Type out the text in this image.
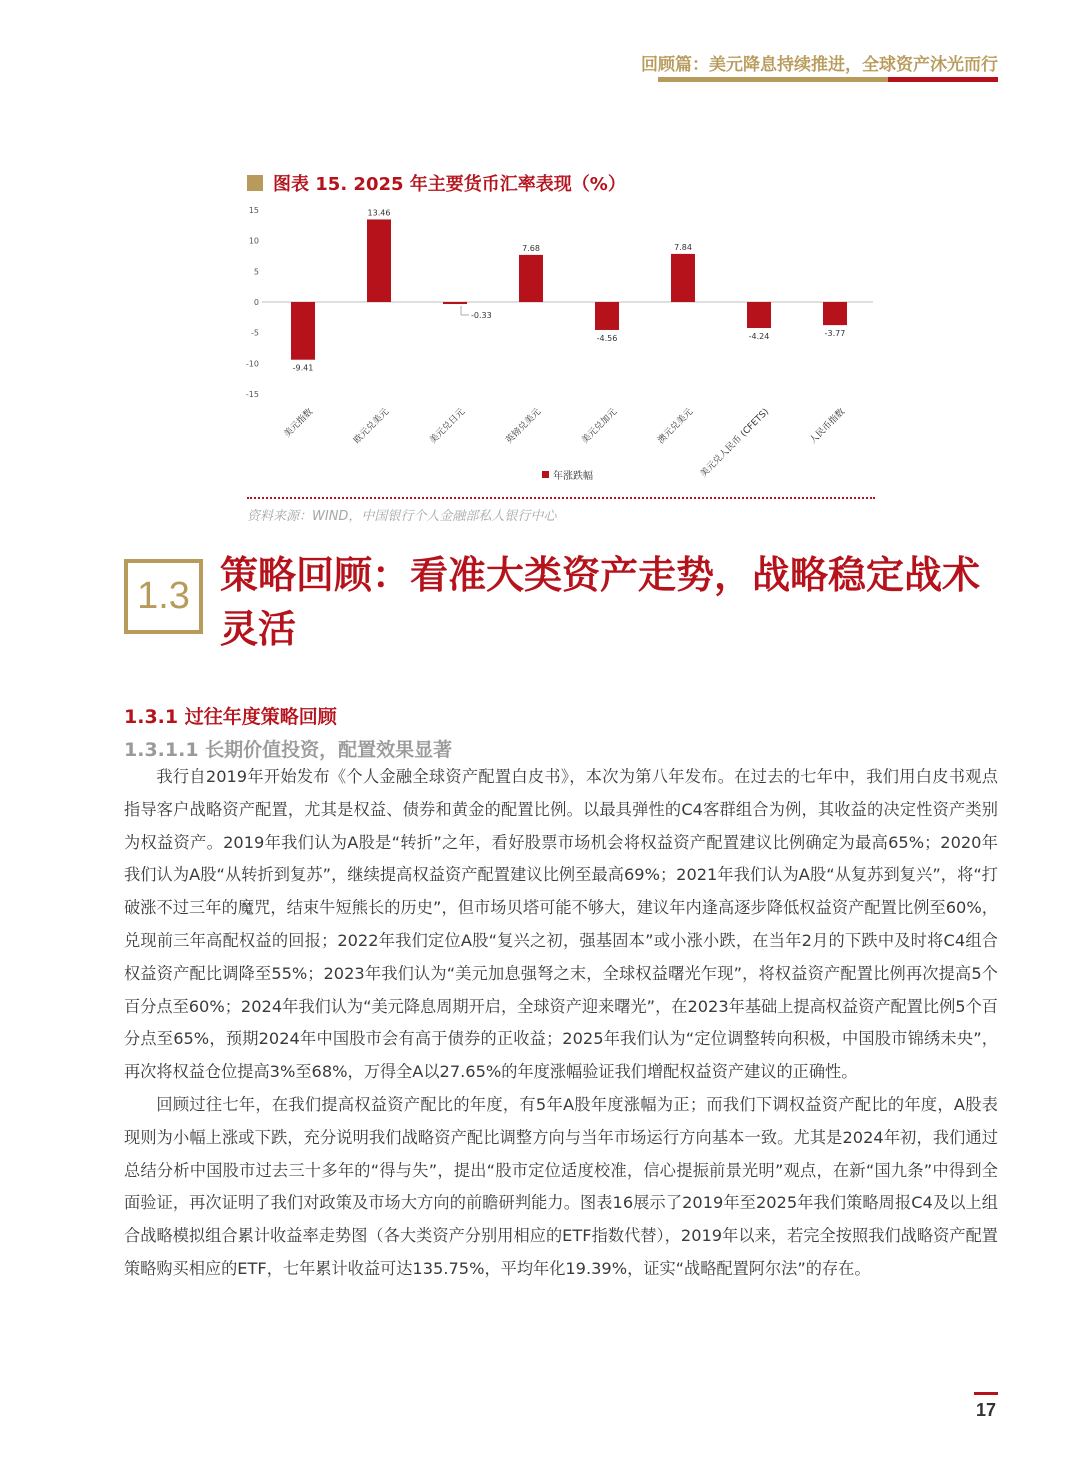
回顾篇：美元降息持续推进，全球资产沐光而行
图表 15. 2025 年主要货币汇率表现（%）
15
10
5
0
-5
-10
-15
-9.41
美元指数
13.46
欧元兑美元
-0.33
美元兑日元
7.68
英镑兑美元
-4.56
美元兑加元
7.84
澳元兑美元
-4.24
美元兑人民币 (CFETS)
-3.77
人民币指数
年涨跌幅
资料来源：WIND，中国银行个人金融部私人银行中心
1.3 策略回顾：看准大类资产走势，战略稳定战术灵活
1.3.1 过往年度策略回顾
1.3.1.1 长期价值投资，配置效果显著

我行自2019年开始发布《个人金融全球资产配置白皮书》，本次为第八年发布。在过去的七年中，我们用白皮书观点指导客户战略资产配置，尤其是权益、债券和黄金的配置比例。以最具弹性的C4客群组合为例，其收益的决定性资产类别为权益资产。2019年我们认为A股是“转折”之年，看好股票市场机会将权益资产配置建议比例确定为最高65%；2020年我们认为A股“从转折到复苏”，继续提高权益资产配置建议比例至最高69%；2021年我们认为A股“从复苏到复兴”，将“打破涨不过三年的魔咒，结束牛短熊长的历史”，但市场贝塔可能不够大，建议年内逢高逐步降低权益资产配置比例至60%，兑现前三年高配权益的回报；2022年我们定位A股“复兴之初，强基固本”或小涨小跌，在当年2月的下跌中及时将C4组合权益资产配比调降至55%；2023年我们认为“美元加息强弩之末，全球权益曙光乍现”，将权益资产配置比例再次提高5个百分点至60%；2024年我们认为“美元降息周期开启，全球资产迎来曙光”，在2023年基础上提高权益资产配置比例5个百分点至65%，预期2024年中国股市会有高于债券的正收益；2025年我们认为“定位调整转向积极，中国股市锦绣未央”，再次将权益仓位提高3%至68%，万得全A以27.65%的年度涨幅验证我们增配权益资产建议的正确性。

回顾过往七年，在我们提高权益资产配比的年度，有5年A股年度涨幅为正；而我们下调权益资产配比的年度，A股表现则为小幅上涨或下跌，充分说明我们战略资产配比调整方向与当年市场运行方向基本一致。尤其是2024年初，我们通过总结分析中国股市过去三十多年的“得与失”，提出“股市定位适度校准，信心提振前景光明”观点，在新“国九条”中得到全面验证，再次证明了我们对政策及市场大方向的前瞻研判能力。图表16展示了2019年至2025年我们策略周报C4及以上组合战略模拟组合累计收益率走势图（各大类资产分别用相应的ETF指数代替），2019年以来，若完全按照我们战略资产配置策略购买相应的ETF，七年累计收益可达135.75%，平均年化19.39%，证实“战略配置阿尔法”的存在。

17
